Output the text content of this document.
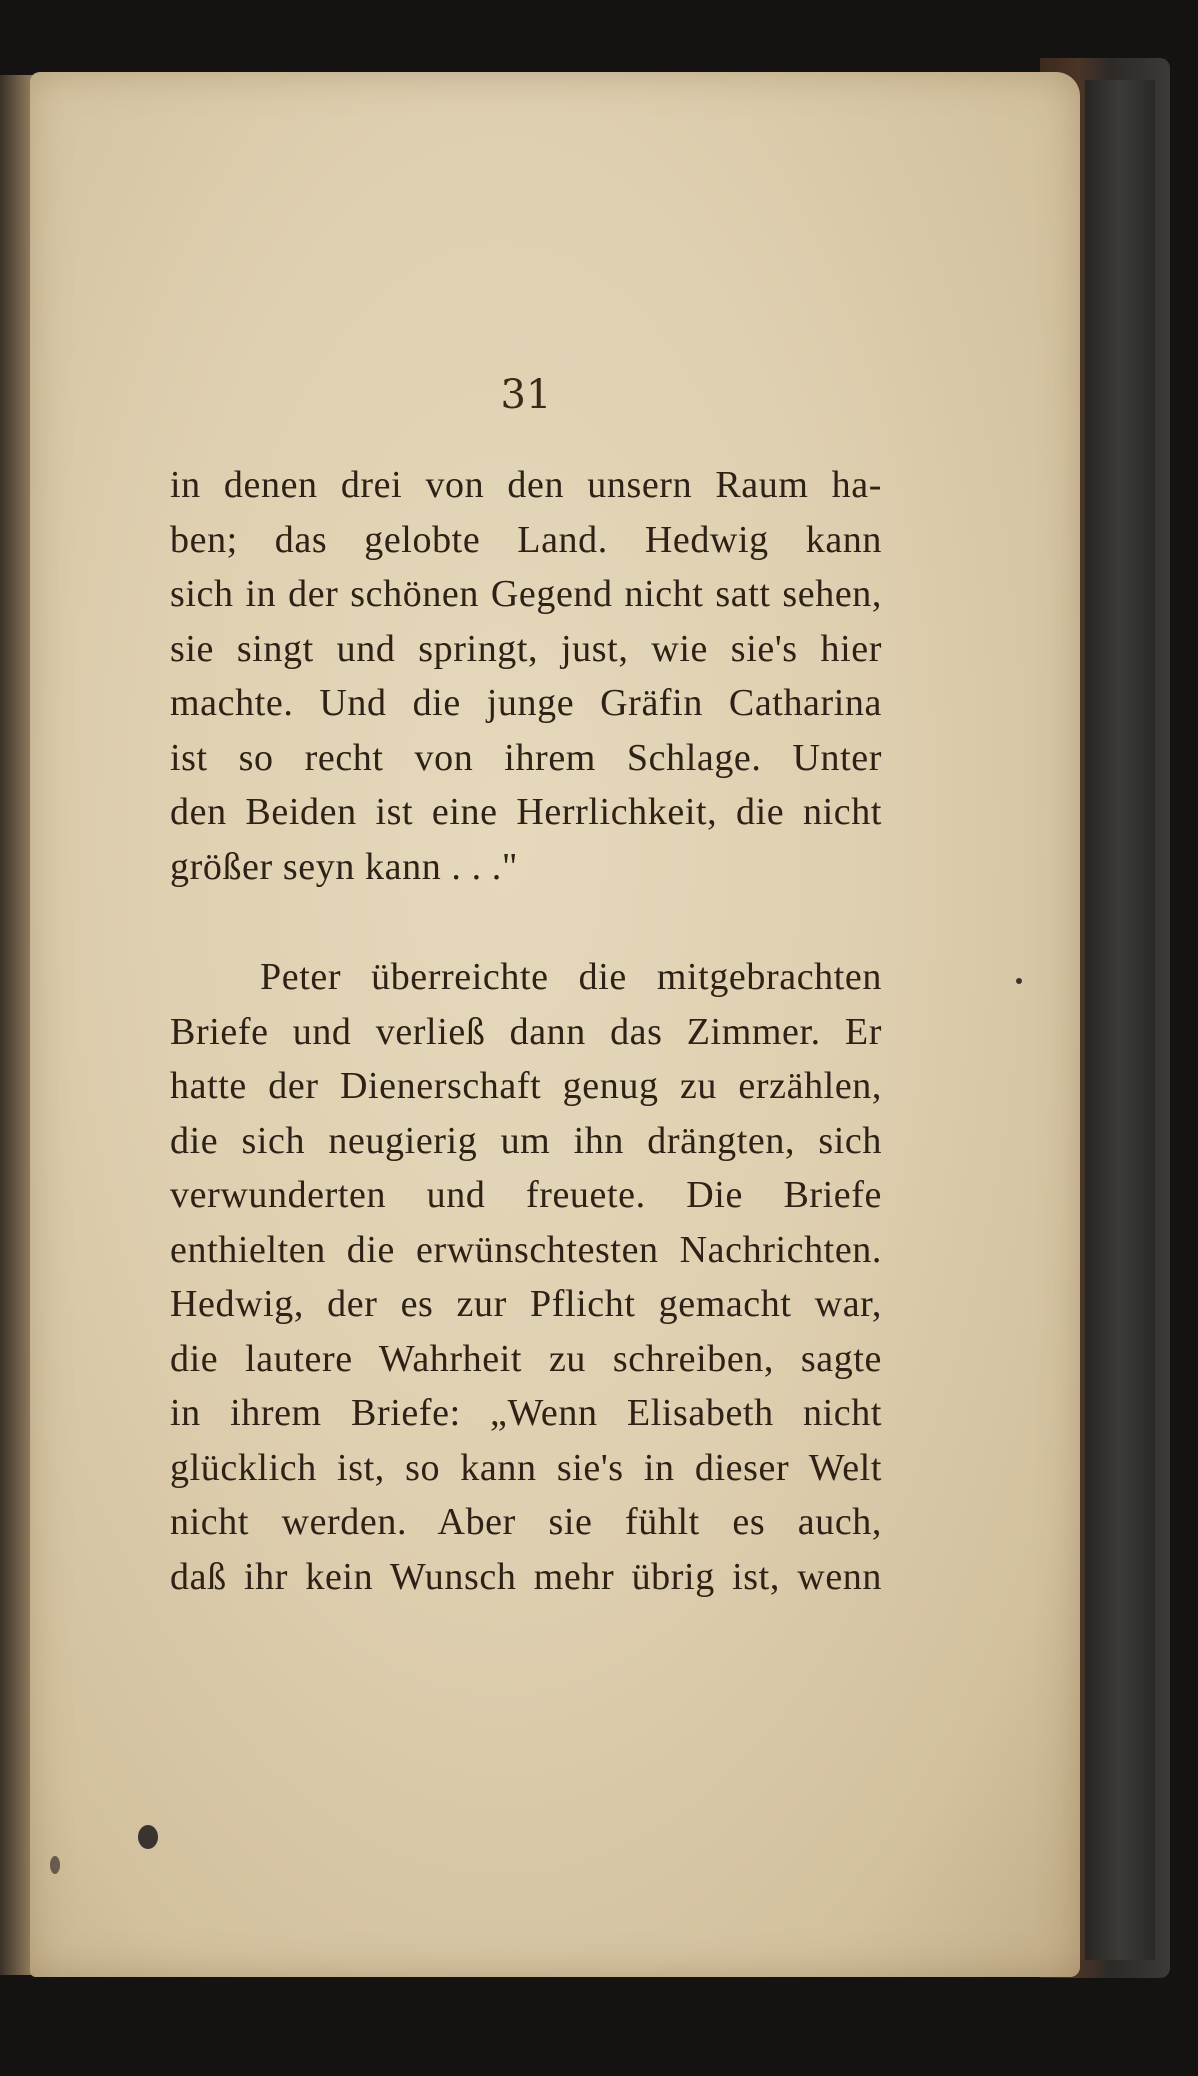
31
in denen drei von den unsern Raum ha-
ben; das gelobte Land. Hedwig kann
sich in der schönen Gegend nicht satt sehen,
sie singt und springt, just, wie sie's hier
machte. Und die junge Gräfin Catharina
ist so recht von ihrem Schlage. Unter
den Beiden ist eine Herrlichkeit, die nicht
größer seyn kann . . ."
Peter überreichte die mitgebrachten
Briefe und verließ dann das Zimmer. Er
hatte der Dienerschaft genug zu erzählen,
die sich neugierig um ihn drängten, sich
verwunderten und freuete. Die Briefe
enthielten die erwünschtesten Nachrichten.
Hedwig, der es zur Pflicht gemacht war,
die lautere Wahrheit zu schreiben, sagte
in ihrem Briefe: „Wenn Elisabeth nicht
glücklich ist, so kann sie's in dieser Welt
nicht werden. Aber sie fühlt es auch,
daß ihr kein Wunsch mehr übrig ist, wenn
